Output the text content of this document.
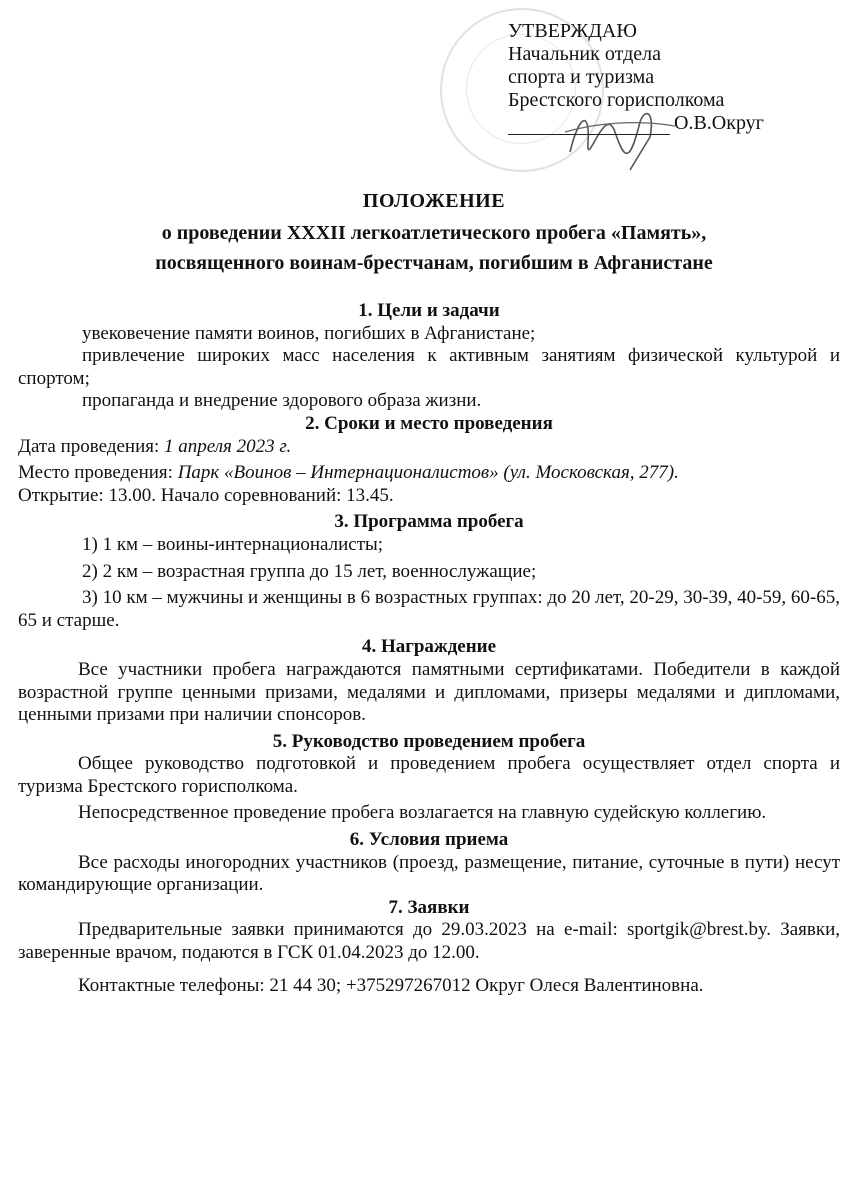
УТВЕРЖДАЮ
Начальник отдела
спорта и туризма
Брестского горисполкома
О.В.Округ
ПОЛОЖЕНИЕ
о проведении XXXII легкоатлетического пробега «Память»,
посвященного воинам-брестчанам, погибшим в Афганистане

1. Цели и задачи

увековечение памяти воинов, погибших в Афганистане;

привлечение широких масс населения к активным занятиям физической культурой и спортом;

пропаганда и внедрение здорового образа жизни.

2. Сроки и место проведения

Дата проведения: 1 апреля 2023 г.

Место проведения: Парк «Воинов – Интернационалистов» (ул. Московская, 277).

Открытие: 13.00. Начало соревнований: 13.45.

3. Программа пробега

1) 1 км – воины-интернационалисты;

2) 2 км – возрастная группа до 15 лет, военнослужащие;

3) 10 км – мужчины и женщины в 6 возрастных группах: до 20 лет, 20-29, 30-39, 40-59, 60-65, 65 и старше.

4. Награждение

Все участники пробега награждаются памятными сертификатами. Победители в каждой возрастной группе ценными призами, медалями и дипломами, призеры медалями и дипломами, ценными призами при наличии спонсоров.

5. Руководство проведением пробега

Общее руководство подготовкой и проведением пробега осуществляет отдел спорта и туризма Брестского горисполкома.

Непосредственное проведение пробега возлагается на главную судейскую коллегию.

6. Условия приема

Все расходы иногородних участников (проезд, размещение, питание, суточные в пути) несут командирующие организации.

7. Заявки

Предварительные заявки принимаются до 29.03.2023 на e-mail: sportgik@brest.by. Заявки, заверенные врачом, подаются в ГСК 01.04.2023 до 12.00.

Контактные телефоны: 21 44 30; +375297267012 Округ Олеся Валентиновна.
